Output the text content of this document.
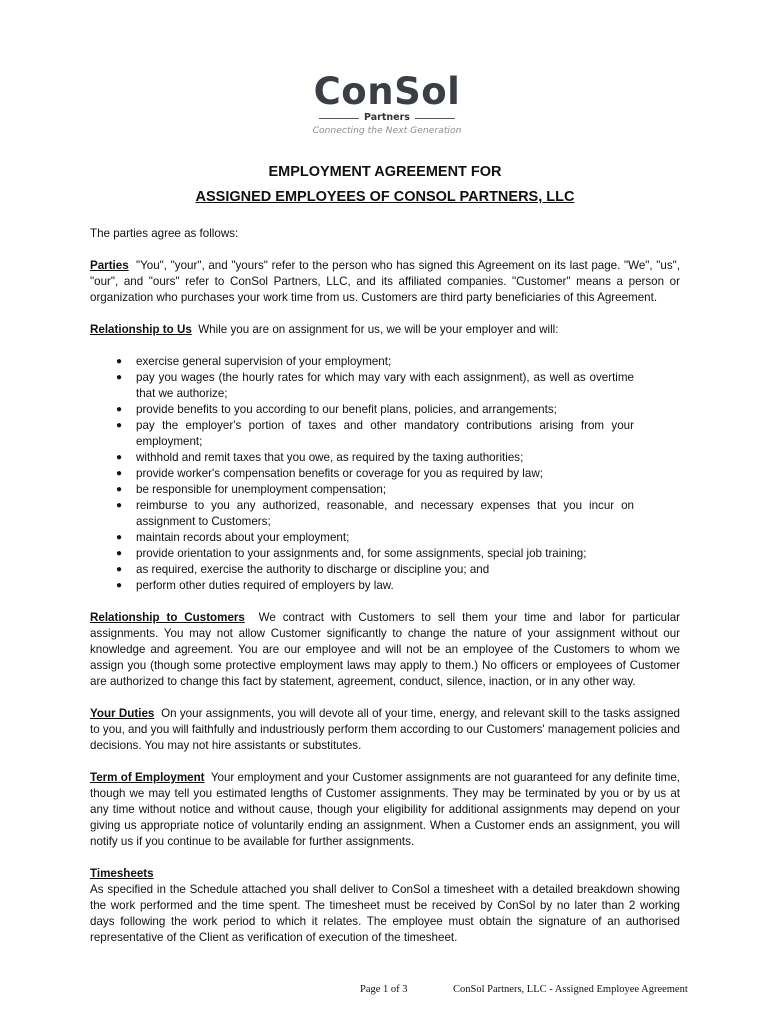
ConSol
Partners
Connecting the Next Generation
EMPLOYMENT AGREEMENT FOR
ASSIGNED EMPLOYEES OF CONSOL PARTNERS, LLC

The parties agree as follows:

Parties "You", "your", and "yours" refer to the person who has signed this Agreement on its last page. "We", "us", "our", and "ours" refer to ConSol Partners, LLC, and its affiliated companies. "Customer" means a person or organization who purchases your work time from us. Customers are third party beneficiaries of this Agreement.

Relationship to Us While you are on assignment for us, we will be your employer and will:

● exercise general supervision of your employment;
● pay you wages (the hourly rates for which may vary with each assignment), as well as overtime that we authorize;
● provide benefits to you according to our benefit plans, policies, and arrangements;
● pay the employer's portion of taxes and other mandatory contributions arising from your employment;
● withhold and remit taxes that you owe, as required by the taxing authorities;
● provide worker's compensation benefits or coverage for you as required by law;
● be responsible for unemployment compensation;
● reimburse to you any authorized, reasonable, and necessary expenses that you incur on assignment to Customers;
● maintain records about your employment;
● provide orientation to your assignments and, for some assignments, special job training;
● as required, exercise the authority to discharge or discipline you; and
● perform other duties required of employers by law.

Relationship to Customers We contract with Customers to sell them your time and labor for particular assignments. You may not allow Customer significantly to change the nature of your assignment without our knowledge and agreement. You are our employee and will not be an employee of the Customers to whom we assign you (though some protective employment laws may apply to them.) No officers or employees of Customer are authorized to change this fact by statement, agreement, conduct, silence, inaction, or in any other way.

Your Duties On your assignments, you will devote all of your time, energy, and relevant skill to the tasks assigned to you, and you will faithfully and industriously perform them according to our Customers' management policies and decisions. You may not hire assistants or substitutes.

Term of Employment Your employment and your Customer assignments are not guaranteed for any definite time, though we may tell you estimated lengths of Customer assignments. They may be terminated by you or by us at any time without notice and without cause, though your eligibility for additional assignments may depend on your giving us appropriate notice of voluntarily ending an assignment. When a Customer ends an assignment, you will notify us if you continue to be available for further assignments.

Timesheets
As specified in the Schedule attached you shall deliver to ConSol a timesheet with a detailed breakdown showing the work performed and the time spent. The timesheet must be received by ConSol by no later than 2 working days following the work period to which it relates. The employee must obtain the signature of an authorised representative of the Client as verification of execution of the timesheet.

Page 1 of 3	ConSol Partners, LLC - Assigned Employee Agreement
